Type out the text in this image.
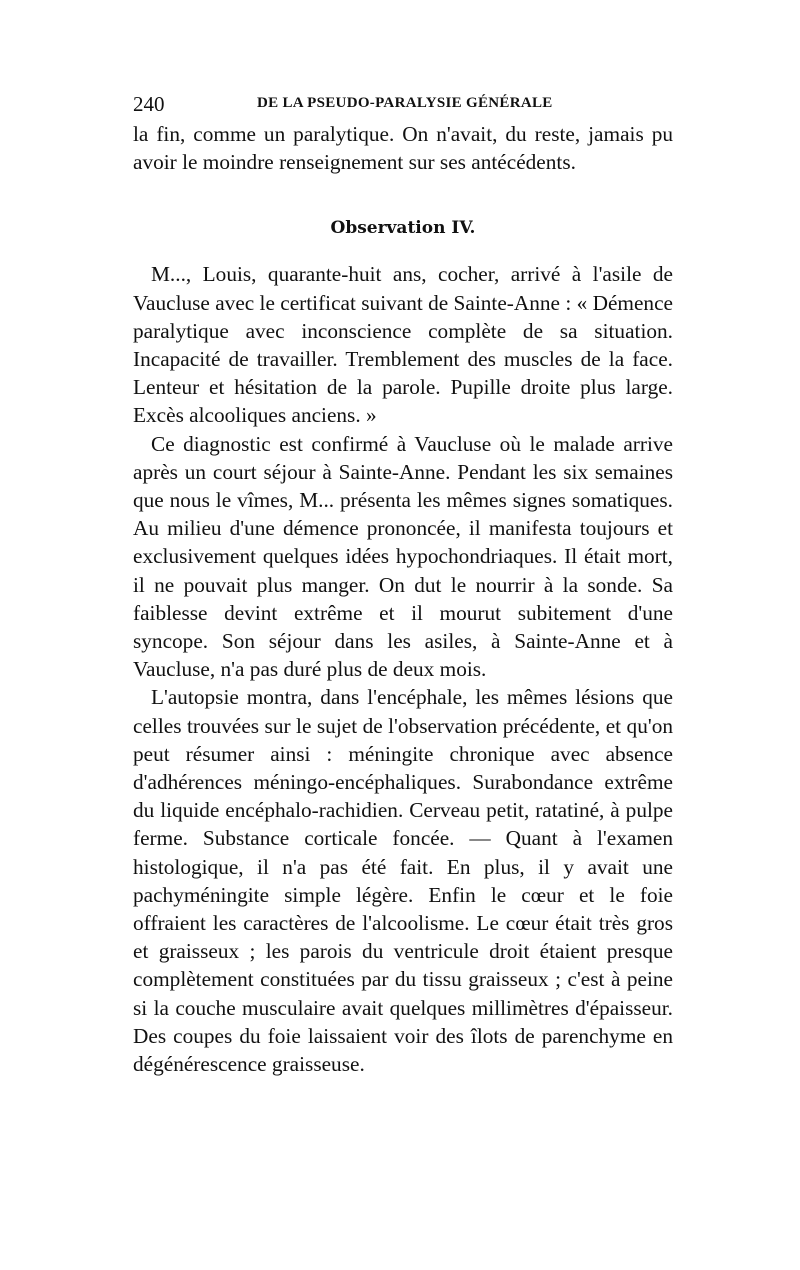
240	DE LA PSEUDO-PARALYSIE GÉNÉRALE

la fin, comme un paralytique. On n'avait, du reste, jamais pu avoir le moindre renseignement sur ses antécédents.

Observation IV.

M..., Louis, quarante-huit ans, cocher, arrivé à l'asile de Vaucluse avec le certificat suivant de Sainte-Anne : « Démence paralytique avec inconscience complète de sa situation. Incapacité de travailler. Tremblement des muscles de la face. Lenteur et hésitation de la parole. Pupille droite plus large. Excès alcooliques anciens. »

Ce diagnostic est confirmé à Vaucluse où le malade arrive après un court séjour à Sainte-Anne. Pendant les six semaines que nous le vîmes, M... présenta les mêmes signes somatiques. Au milieu d'une démence prononcée, il manifesta toujours et exclusivement quelques idées hypochondriaques. Il était mort, il ne pouvait plus manger. On dut le nourrir à la sonde. Sa faiblesse devint extrême et il mourut subitement d'une syncope. Son séjour dans les asiles, à Sainte-Anne et à Vaucluse, n'a pas duré plus de deux mois.

L'autopsie montra, dans l'encéphale, les mêmes lésions que celles trouvées sur le sujet de l'observation précédente, et qu'on peut résumer ainsi : méningite chronique avec absence d'adhérences méningo-encéphaliques. Surabondance extrême du liquide encéphalo-rachidien. Cerveau petit, ratatiné, à pulpe ferme. Substance corticale foncée. — Quant à l'examen histologique, il n'a pas été fait. En plus, il y avait une pachyméningite simple légère. Enfin le cœur et le foie offraient les caractères de l'alcoolisme. Le cœur était très gros et graisseux ; les parois du ventricule droit étaient presque complètement constituées par du tissu graisseux ; c'est à peine si la couche musculaire avait quelques millimètres d'épaisseur. Des coupes du foie laissaient voir des îlots de parenchyme en dégénérescence graisseuse.
